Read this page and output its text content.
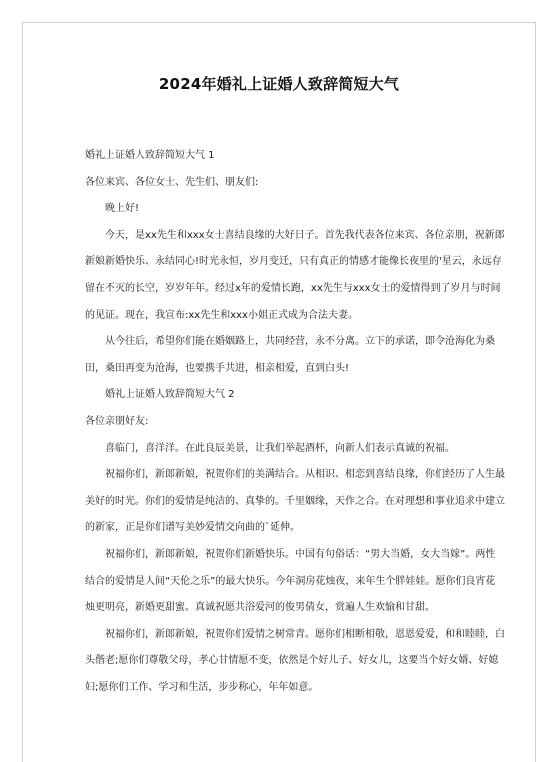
2024年婚礼上证婚人致辞简短大气

婚礼上证婚人致辞简短大气 1

各位来宾、各位女士、先生们、朋友们:

晚上好!

今天，是xx先生和xxx女士喜结良缘的大好日子。首先我代表各位来宾、各位亲朋，祝新郎新娘新婚快乐、永结同心!时光永恒，岁月变迁，只有真正的情感才能像长夜里的'星云，永远存留在不灭的长空，岁岁年年。经过x年的爱情长跑，xx先生与xxx女士的爱情得到了岁月与时间的见证。现在，我宣布:xx先生和xxx小姐正式成为合法夫妻。

从今往后，希望你们能在婚姻路上，共同经营，永不分离。立下的承诺，即令沧海化为桑田，桑田再变为沧海，也要携手共进，相亲相爱，直到白头!

婚礼上证婚人致辞简短大气 2

各位亲朋好友:

喜临门，喜洋洋。在此良辰美景，让我们举起酒杯，向新人们表示真诚的祝福。

祝福你们，新郎新娘，祝贺你们的美满结合。从相识、相恋到喜结良缘，你们经历了人生最美好的时光。你们的爱情是纯洁的、真挚的。千里姻缘，天作之合。在对理想和事业追求中建立的新家，正是你们谱写美妙爱情交向曲的`延伸。

祝福你们，新郎新娘，祝贺你们新婚快乐。中国有句俗话：“男大当婚，女大当嫁”。两性结合的爱情是人间“天伦之乐”的最大快乐。今年洞房花烛夜，来年生个胖娃娃。愿你们良宵花烛更明亮，新婚更甜蜜。真诚祝愿共浴爱河的俊男倩女，赏遍人生欢愉和甘甜。

祝福你们，新郎新娘，祝贺你们爱情之树常青。愿你们相断相敬，恩恩爱爱，和和睦睦，白头偕老;愿你们尊敬父母，孝心甘情愿不变，依然是个好儿子、好女儿，这要当个好女婿、好媳妇;愿你们工作、学习和生活，步步称心，年年如意。
